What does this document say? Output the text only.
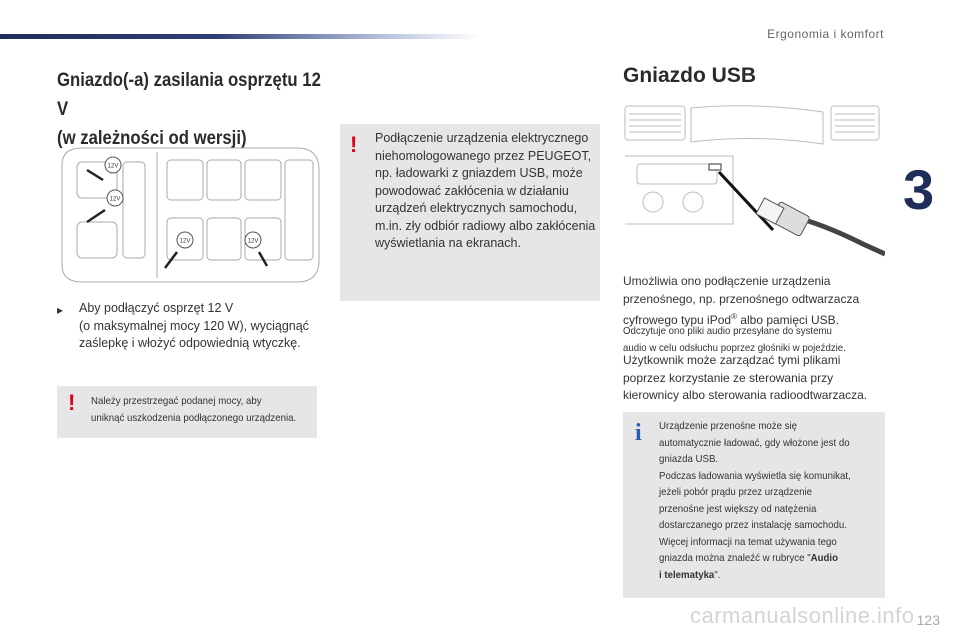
Ergonomia i komfort
3
Gniazdo(-a) zasilania osprzętu 12 V
(w zależności od wersji)
12V
12V
12V	12V
▸ Aby podłączyć osprzęt 12 V
(o maksymalnej mocy 120 W), wyciągnąć
zaślepkę i włożyć odpowiednią wtyczkę.
! Należy przestrzegać podanej mocy, aby
uniknąć uszkodzenia podłączonego urządzenia.
! Podłączenie urządzenia elektrycznego
niehomologowanego przez PEUGEOT,
np. ładowarki z gniazdem USB, może
powodować zakłócenia w działaniu
urządzeń elektrycznych samochodu,
m.in. zły odbiór radiowy albo zakłócenia
wyświetlania na ekranach.
Gniazdo USB
Umożliwia ono podłączenie urządzenia
przenośnego, np. przenośnego odtwarzacza
cyfrowego typu iPod® albo pamięci USB.
Odczytuje ono pliki audio przesyłane do systemu
audio w celu odsłuchu poprzez głośniki w pojeździe.
Użytkownik może zarządzać tymi plikami
poprzez korzystanie ze sterowania przy
kierownicy albo sterowania radioodtwarzacza.
i Urządzenie przenośne może się
automatycznie ładować, gdy włożone jest do
gniazda USB.
Podczas ładowania wyświetla się komunikat,
jeżeli pobór prądu przez urządzenie
przenośne jest większy od natężenia
dostarczanego przez instalację samochodu.
Więcej informacji na temat używania tego
gniazda można znaleźć w rubryce "Audio
i telematyka".
carmanualsonline.info 123
